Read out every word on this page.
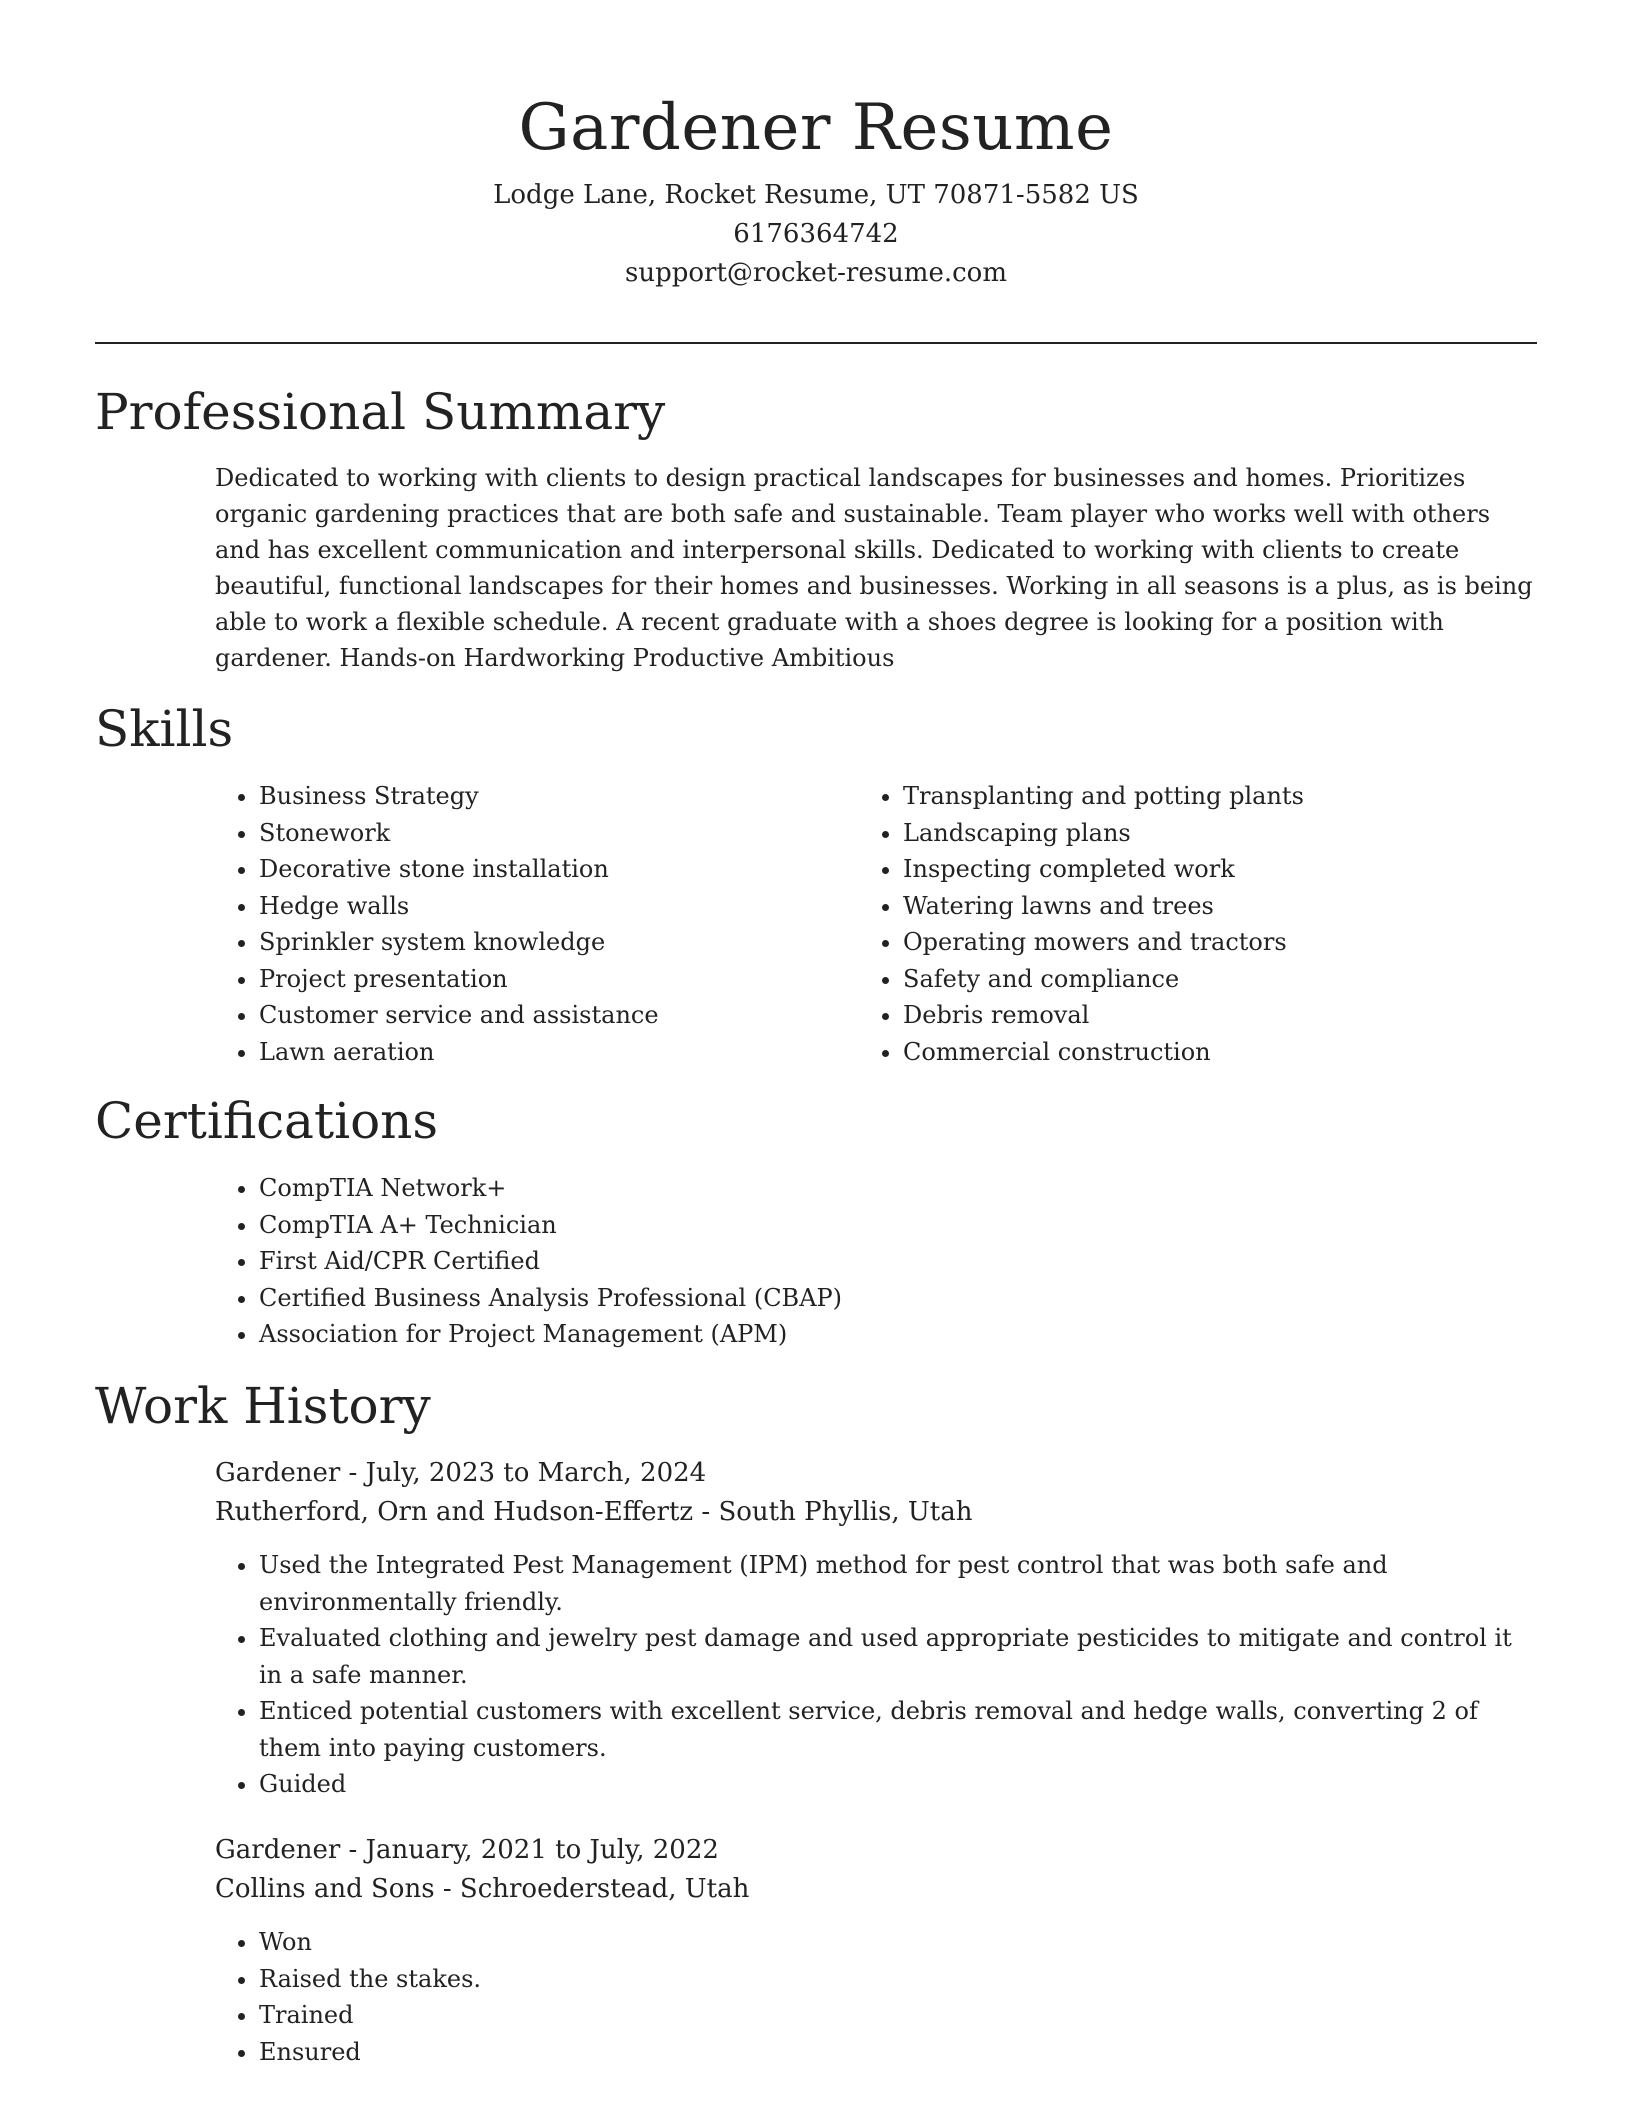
Gardener Resume

Lodge Lane, Rocket Resume, UT 70871-5582 US

6176364742

support@rocket-resume.com

Professional Summary

Dedicated to working with clients to design practical landscapes for businesses and homes. Prioritizes organic gardening practices that are both safe and sustainable. Team player who works well with others and has excellent communication and interpersonal skills. Dedicated to working with clients to create beautiful, functional landscapes for their homes and businesses. Working in all seasons is a plus, as is being able to work a flexible schedule. A recent graduate with a shoes degree is looking for a position with gardener. Hands-on Hardworking Productive Ambitious

Skills
• Business Strategy
• Stonework
• Decorative stone installation
• Hedge walls
• Sprinkler system knowledge
• Project presentation
• Customer service and assistance
• Lawn aeration
• Transplanting and potting plants
• Landscaping plans
• Inspecting completed work
• Watering lawns and trees
• Operating mowers and tractors
• Safety and compliance
• Debris removal
• Commercial construction
Certifications
• CompTIA Network+
• CompTIA A+ Technician
• First Aid/CPR Certified
• Certified Business Analysis Professional (CBAP)
• Association for Project Management (APM)
Work History

Gardener - July, 2023 to March, 2024

Rutherford, Orn and Hudson-Effertz - South Phyllis, Utah

• Used the Integrated Pest Management (IPM) method for pest control that was both safe and environmentally friendly.
• Evaluated clothing and jewelry pest damage and used appropriate pesticides to mitigate and control it in a safe manner.
• Enticed potential customers with excellent service, debris removal and hedge walls, converting 2 of them into paying customers.
• Guided

Gardener - January, 2021 to July, 2022

Collins and Sons - Schroederstead, Utah

• Won
• Raised the stakes.
• Trained
• Ensured
